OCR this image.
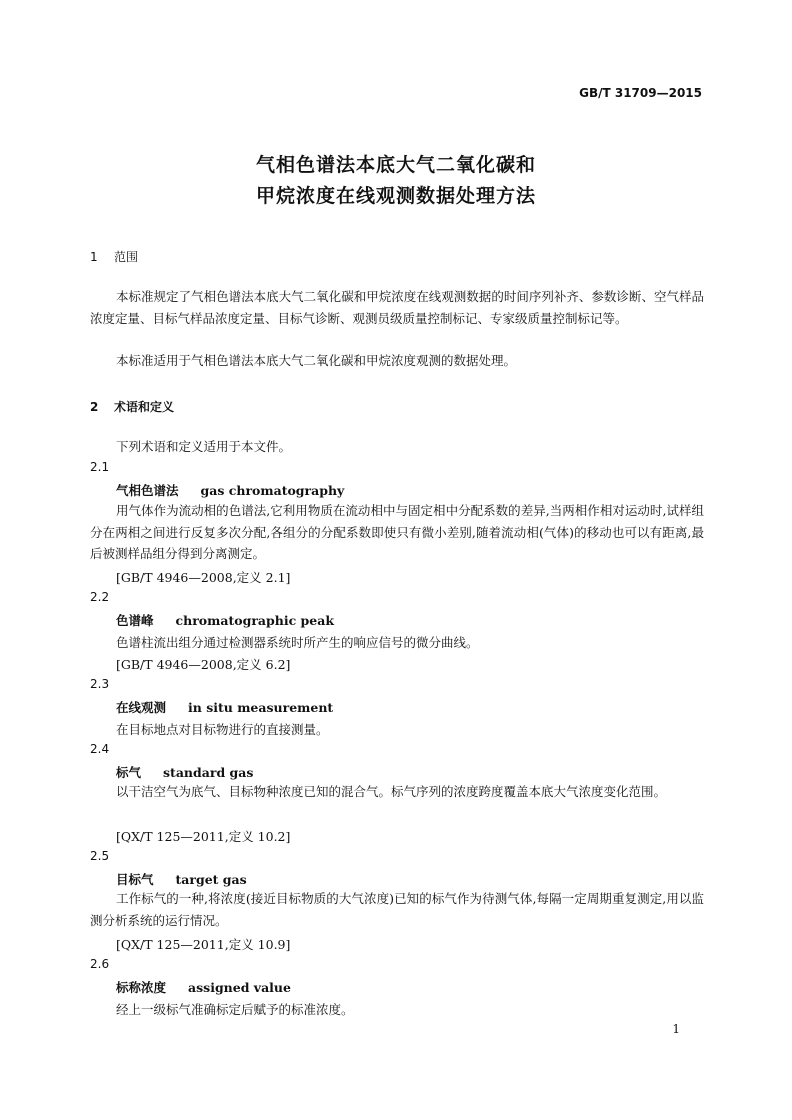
GB/T 31709—2015
气相色谱法本底大气二氧化碳和
甲烷浓度在线观测数据处理方法
1 范围

本标准规定了气相色谱法本底大气二氧化碳和甲烷浓度在线观测数据的时间序列补齐、参数诊断、空气样品浓度定量、目标气样品浓度定量、目标气诊断、观测员级质量控制标记、专家级质量控制标记等。

本标准适用于气相色谱法本底大气二氧化碳和甲烷浓度观测的数据处理。

2 术语和定义
下列术语和定义适用于本文件。
2.1
气相色谱法 gas chromatography

用气体作为流动相的色谱法,它利用物质在流动相中与固定相中分配系数的差异,当两相作相对运动时,试样组分在两相之间进行反复多次分配,各组分的分配系数即使只有微小差别,随着流动相(气体)的移动也可以有距离,最后被测样品组分得到分离测定。

[GB/T 4946—2008,定义 2.1]
2.2
色谱峰 chromatographic peak
色谱柱流出组分通过检测器系统时所产生的响应信号的微分曲线。
[GB/T 4946—2008,定义 6.2]
2.3
在线观测 in situ measurement
在目标地点对目标物进行的直接测量。
2.4
标气 standard gas

以干洁空气为底气、目标物种浓度已知的混合气。标气序列的浓度跨度覆盖本底大气浓度变化范围。

[QX/T 125—2011,定义 10.2]
2.5
目标气 target gas

工作标气的一种,将浓度(接近目标物质的大气浓度)已知的标气作为待测气体,每隔一定周期重复测定,用以监测分析系统的运行情况。

[QX/T 125—2011,定义 10.9]
2.6
标称浓度 assigned value
经上一级标气准确标定后赋予的标准浓度。
1
